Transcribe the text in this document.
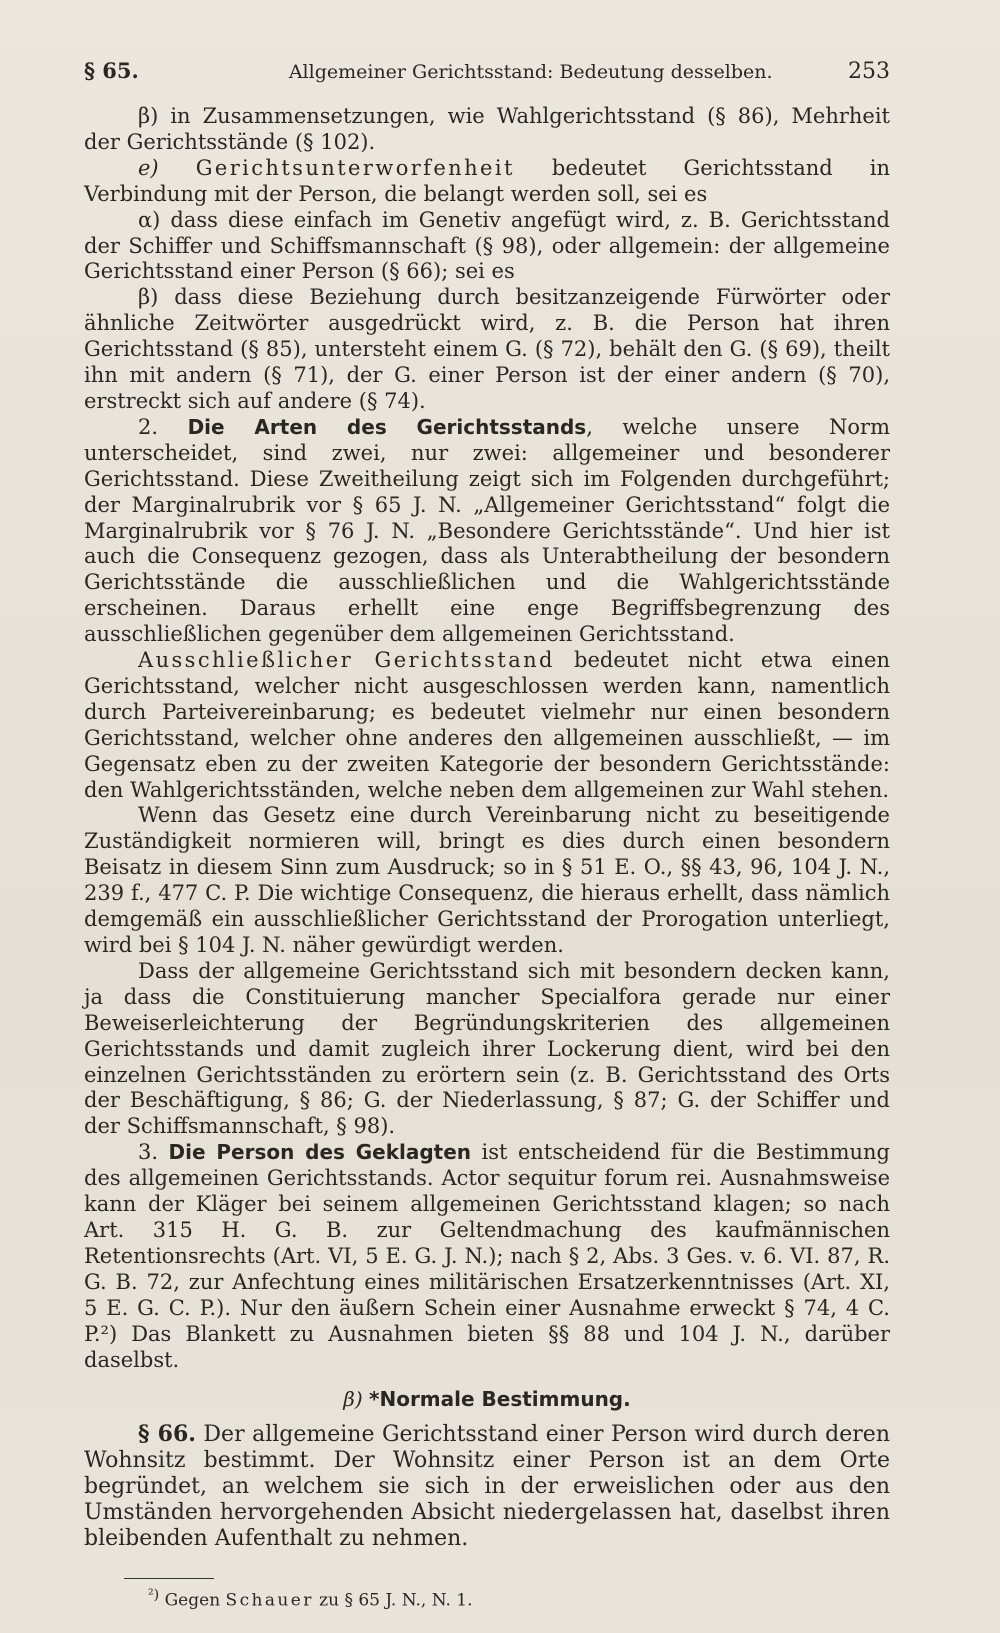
§ 65.	Allgemeiner Gerichtsstand: Bedeutung desselben.	253

β) in Zusammensetzungen, wie Wahlgerichtsstand (§ 86), Mehrheit der Gerichtsstände (§ 102).

e) Gerichtsunterworfenheit bedeutet Gerichtsstand in Verbindung mit der Person, die belangt werden soll, sei es

α) dass diese einfach im Genetiv angefügt wird, z. B. Gerichtsstand der Schiffer und Schiffsmannschaft (§ 98), oder allgemein: der allgemeine Gerichtsstand einer Person (§ 66); sei es

β) dass diese Beziehung durch besitzanzeigende Fürwörter oder ähnliche Zeitwörter ausgedrückt wird, z. B. die Person hat ihren Gerichtsstand (§ 85), untersteht einem G. (§ 72), behält den G. (§ 69), theilt ihn mit andern (§ 71), der G. einer Person ist der einer andern (§ 70), erstreckt sich auf andere (§ 74).

2. Die Arten des Gerichtsstands, welche unsere Norm unterscheidet, sind zwei, nur zwei: allgemeiner und besonderer Gerichtsstand. Diese Zweitheilung zeigt sich im Folgenden durchgeführt; der Marginalrubrik vor § 65 J. N. „Allgemeiner Gerichtsstand“ folgt die Marginalrubrik vor § 76 J. N. „Besondere Gerichtsstände“. Und hier ist auch die Consequenz gezogen, dass als Unterabtheilung der besondern Gerichtsstände die ausschließlichen und die Wahlgerichtsstände erscheinen. Daraus erhellt eine enge Begriffsbegrenzung des ausschließlichen gegenüber dem allgemeinen Gerichtsstand.

Ausschließlicher Gerichtsstand bedeutet nicht etwa einen Gerichtsstand, welcher nicht ausgeschlossen werden kann, namentlich durch Parteivereinbarung; es bedeutet vielmehr nur einen besondern Gerichtsstand, welcher ohne anderes den allgemeinen ausschließt, — im Gegensatz eben zu der zweiten Kategorie der besondern Gerichtsstände: den Wahlgerichtsständen, welche neben dem allgemeinen zur Wahl stehen.

Wenn das Gesetz eine durch Vereinbarung nicht zu beseitigende Zuständigkeit normieren will, bringt es dies durch einen besondern Beisatz in diesem Sinn zum Ausdruck; so in § 51 E. O., §§ 43, 96, 104 J. N., 239 f., 477 C. P. Die wichtige Consequenz, die hieraus erhellt, dass nämlich demgemäß ein ausschließlicher Gerichtsstand der Prorogation unterliegt, wird bei § 104 J. N. näher gewürdigt werden.

Dass der allgemeine Gerichtsstand sich mit besondern decken kann, ja dass die Constituierung mancher Specialfora gerade nur einer Beweiserleichterung der Begründungskriterien des allgemeinen Gerichtsstands und damit zugleich ihrer Lockerung dient, wird bei den einzelnen Gerichtsständen zu erörtern sein (z. B. Gerichtsstand des Orts der Beschäftigung, § 86; G. der Niederlassung, § 87; G. der Schiffer und der Schiffsmannschaft, § 98).

3. Die Person des Geklagten ist entscheidend für die Bestimmung des allgemeinen Gerichtsstands. Actor sequitur forum rei. Ausnahmsweise kann der Kläger bei seinem allgemeinen Gerichtsstand klagen; so nach Art. 315 H. G. B. zur Geltendmachung des kaufmännischen Retentionsrechts (Art. VI, 5 E. G. J. N.); nach § 2, Abs. 3 Ges. v. 6. VI. 87, R. G. B. 72, zur Anfechtung eines militärischen Ersatzerkenntnisses (Art. XI, 5 E. G. C. P.). Nur den äußern Schein einer Ausnahme erweckt § 74, 4 C. P.²) Das Blankett zu Ausnahmen bieten §§ 88 und 104 J. N., darüber daselbst.

β) *Normale Bestimmung.

§ 66. Der allgemeine Gerichtsstand einer Person wird durch deren Wohnsitz bestimmt. Der Wohnsitz einer Person ist an dem Orte begründet, an welchem sie sich in der erweislichen oder aus den Umständen hervorgehenden Absicht niedergelassen hat, daselbst ihren bleibenden Aufenthalt zu nehmen.

$^{^2)}$ Gegen Schauer zu § 65 J. N., N. 1.
